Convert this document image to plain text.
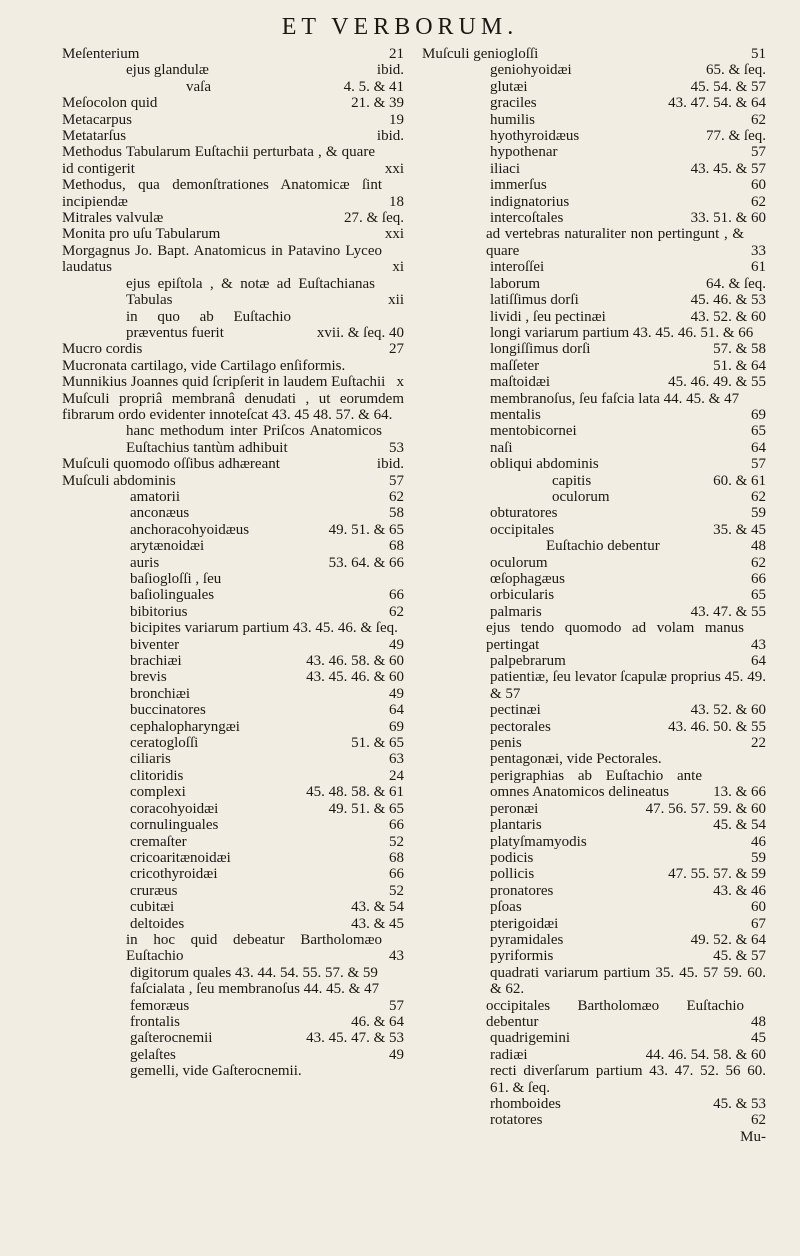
ET VERBORUM.
Meſenterium	21
ejus glandulæ	ibid.
vaſa	4. 5. & 41
Meſocolon quid	21. & 39
Metacarpus	19
Metatarſus	ibid.
Methodus Tabularum Euſtachii perturbata , & quare id contigerit	xxi
Methodus, qua demonſtrationes Anatomicæ ſint incipiendæ	18
Mitrales valvulæ	27. & ſeq.
Monita pro uſu Tabularum	xxi
Morgagnus Jo. Bapt. Anatomicus in Patavino Lyceo laudatus	xi
ejus epiſtola , & notæ ad Euſtachianas Tabulas	xii
in quo ab Euſtachio præventus fuerit	xvii. & ſeq. 40
Mucro cordis	27
Mucronata cartilago, vide Cartilago enſiformis.
Munnikius Joannes quid ſcripſerit in laudem Euſtachii x
Muſculi propriâ membranâ denudati , ut eorumdem fibrarum ordo evidenter innoteſcat 43. 45 48. 57. & 64.
hanc methodum inter Priſcos Anatomicos Euſtachius tantùm adhibuit	53
Muſculi quomodo oſſibus adhæreant	ibid.
Muſculi abdominis	57
amatorii	62
anconæus	58
anchoracohyoidæus	49. 51. & 65
arytænoidæi	68
auris	53. 64. & 66
baſiogloſſi , ſeu
baſiolinguales	66
bibitorius	62
bicipites variarum partium 43. 45. 46. & ſeq.
biventer	49
brachiæi	43. 46. 58. & 60
brevis	43. 45. 46. & 60
bronchiæi	49
buccinatores	64
cephalopharyngæi	69
ceratogloſſi	51. & 65
ciliaris	63
clitoridis	24
complexi	45. 48. 58. & 61
coracohyoidæi	49. 51. & 65
cornulinguales	66
cremaſter	52
cricoaritænoidæi	68
cricothyroidæi	66
cruræus	52
cubitæi	43. & 54
deltoides	43. & 45
in hoc quid debeatur Bartholomæo Euſtachio	43
digitorum quales 43. 44. 54. 55. 57. & 59
faſcialata , ſeu membranoſus 44. 45. & 47
femoræus	57
frontalis	46. & 64
gaſterocnemii	43. 45. 47. & 53
gelaſtes	49
gemelli, vide Gaſterocnemii.
Muſculi geniogloſſi	51
geniohyoidæi	65. & ſeq.
glutæi	45. 54. & 57
graciles	43. 47. 54. & 64
humilis	62
hyothyroidæus	77. & ſeq.
hypothenar	57
iliaci	43. 45. & 57
immerſus	60
indignatorius	62
intercoſtales	33. 51. & 60
ad vertebras naturaliter non pertingunt , & quare	33
interoſſei	61
laborum	64. & ſeq.
latiſſimus dorſi	45. 46. & 53
lividi , ſeu pectinæi	43. 52. & 60
longi variarum partium 43. 45. 46. 51. & 66
longiſſimus dorſi	57. & 58
maſſeter	51. & 64
maſtoidæi	45. 46. 49. & 55
membranoſus, ſeu faſcia lata 44. 45. & 47
mentalis	69
mentobicornei	65
naſi	64
obliqui abdominis	57
capitis	60. & 61
oculorum	62
obturatores	59
occipitales	35. & 45
Euſtachio debentur	48
oculorum	62
œſophagæus	66
orbicularis	65
palmaris	43. 47. & 55
ejus tendo quomodo ad volam manus pertingat	43
palpebrarum	64
patientiæ, ſeu levator ſcapulæ proprius 45. 49. & 57
pectinæi	43. 52. & 60
pectorales	43. 46. 50. & 55
penis	22
pentagonæi, vide Pectorales.
perigraphias ab Euſtachio ante omnes Anatomicos delineatus	13. & 66
peronæi	47. 56. 57. 59. & 60
plantaris	45. & 54
platyſmamyodis	46
podicis	59
pollicis	47. 55. 57. & 59
pronatores	43. & 46
pſoas	60
pterigoidæi	67
pyramidales	49. 52. & 64
pyriformis	45. & 57
quadrati variarum partium 35. 45. 57 59. 60. & 62.
occipitales Bartholomæo Euſtachio debentur	48
quadrigemini	45
radiæi	44. 46. 54. 58. & 60
recti diverſarum partium 43. 47. 52. 56 60. 61. & ſeq.
rhomboides	45. & 53
rotatores	62
Mu-
